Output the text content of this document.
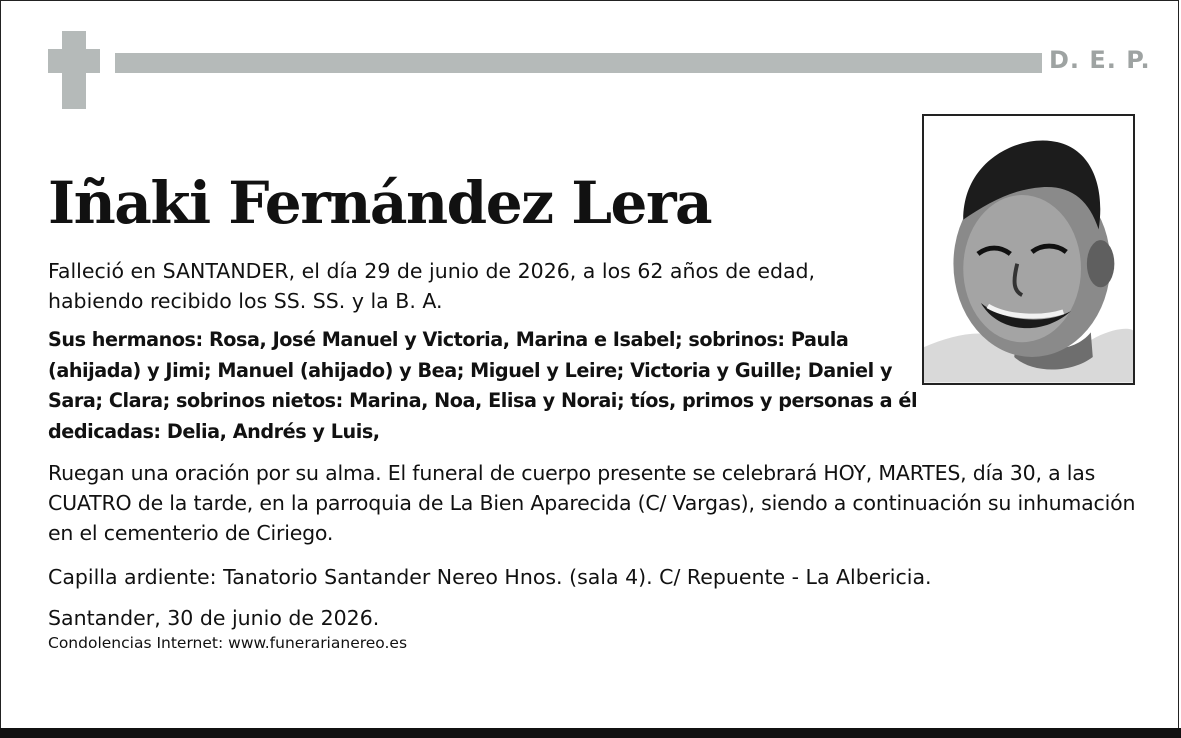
D. E. P.
Iñaki Fernández Lera
Falleció en SANTANDER, el día 29 de junio de 2026, a los 62 años de edad, habiendo recibido los SS. SS. y la B. A.
Sus hermanos: Rosa, José Manuel y Victoria, Marina e Isabel; sobrinos: Paula (ahijada) y Jimi; Manuel (ahijado) y Bea; Miguel y Leire; Victoria y Guille; Daniel y Sara; Clara; sobrinos nietos: Marina, Noa, Elisa y Norai; tíos, primos y personas a él dedicadas: Delia, Andrés y Luis,
Ruegan una oración por su alma. El funeral de cuerpo presente se celebrará HOY, MARTES, día 30, a las CUATRO de la tarde, en la parroquia de La Bien Aparecida (C/ Vargas), siendo a continuación su inhumación en el cementerio de Ciriego.
Capilla ardiente: Tanatorio Santander Nereo Hnos. (sala 4). C/ Repuente - La Albericia.
Santander, 30 de junio de 2026.
Condolencias Internet: www.funerarianereo.es
